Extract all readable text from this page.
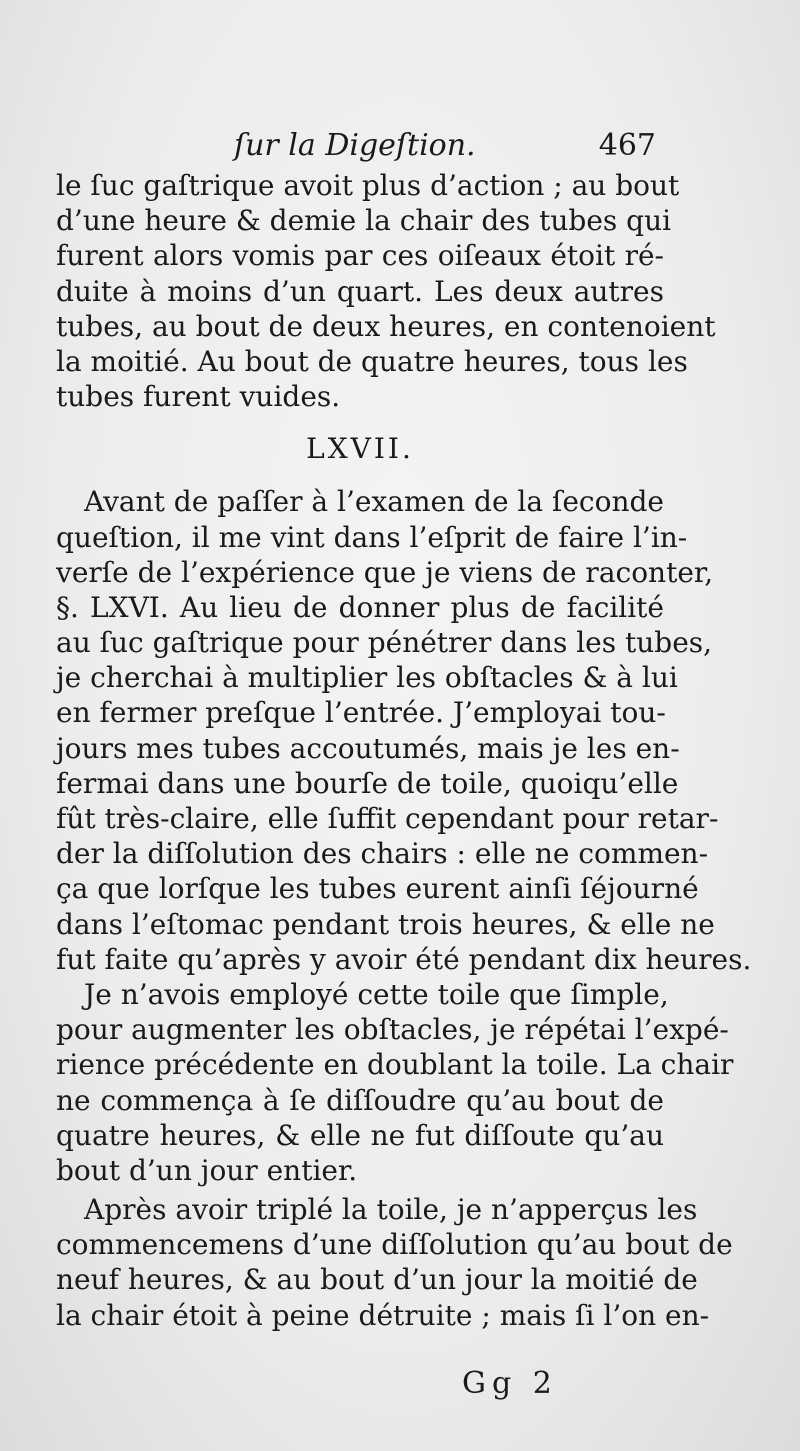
ſur la Digeſtion.	467
le ſuc gaſtrique avoit plus d’action ; au bout
d’une heure & demie la chair des tubes qui
furent alors vomis par ces oiſeaux étoit ré-
duite à moins d’un quart. Les deux autres
tubes, au bout de deux heures, en contenoient
la moitié. Au bout de quatre heures, tous les
tubes furent vuides.
LXVII.
Avant de paſſer à l’examen de la ſeconde
queſtion, il me vint dans l’eſprit de faire l’in-
verſe de l’expérience que je viens de raconter,
§. LXVI. Au lieu de donner plus de facilité
au ſuc gaſtrique pour pénétrer dans les tubes,
je cherchai à multiplier les obſtacles & à lui
en fermer preſque l’entrée. J’employai tou-
jours mes tubes accoutumés, mais je les en-
fermai dans une bourſe de toile, quoiqu’elle
fût très-claire, elle ſuffit cependant pour retar-
der la diſſolution des chairs : elle ne commen-
ça que lorſque les tubes eurent ainſi ſéjourné
dans l’eſtomac pendant trois heures, & elle ne
fut faite qu’après y avoir été pendant dix heures.
Je n’avois employé cette toile que ſimple,
pour augmenter les obſtacles, je répétai l’expé-
rience précédente en doublant la toile. La chair
ne commença à ſe diſſoudre qu’au bout de
quatre heures, & elle ne fut diſſoute qu’au
bout d’un jour entier.
Après avoir triplé la toile, je n’apperçus les
commencemens d’une diſſolution qu’au bout de
neuf heures, & au bout d’un jour la moitié de
la chair étoit à peine détruite ; mais ſi l’on en-
Gg 2
